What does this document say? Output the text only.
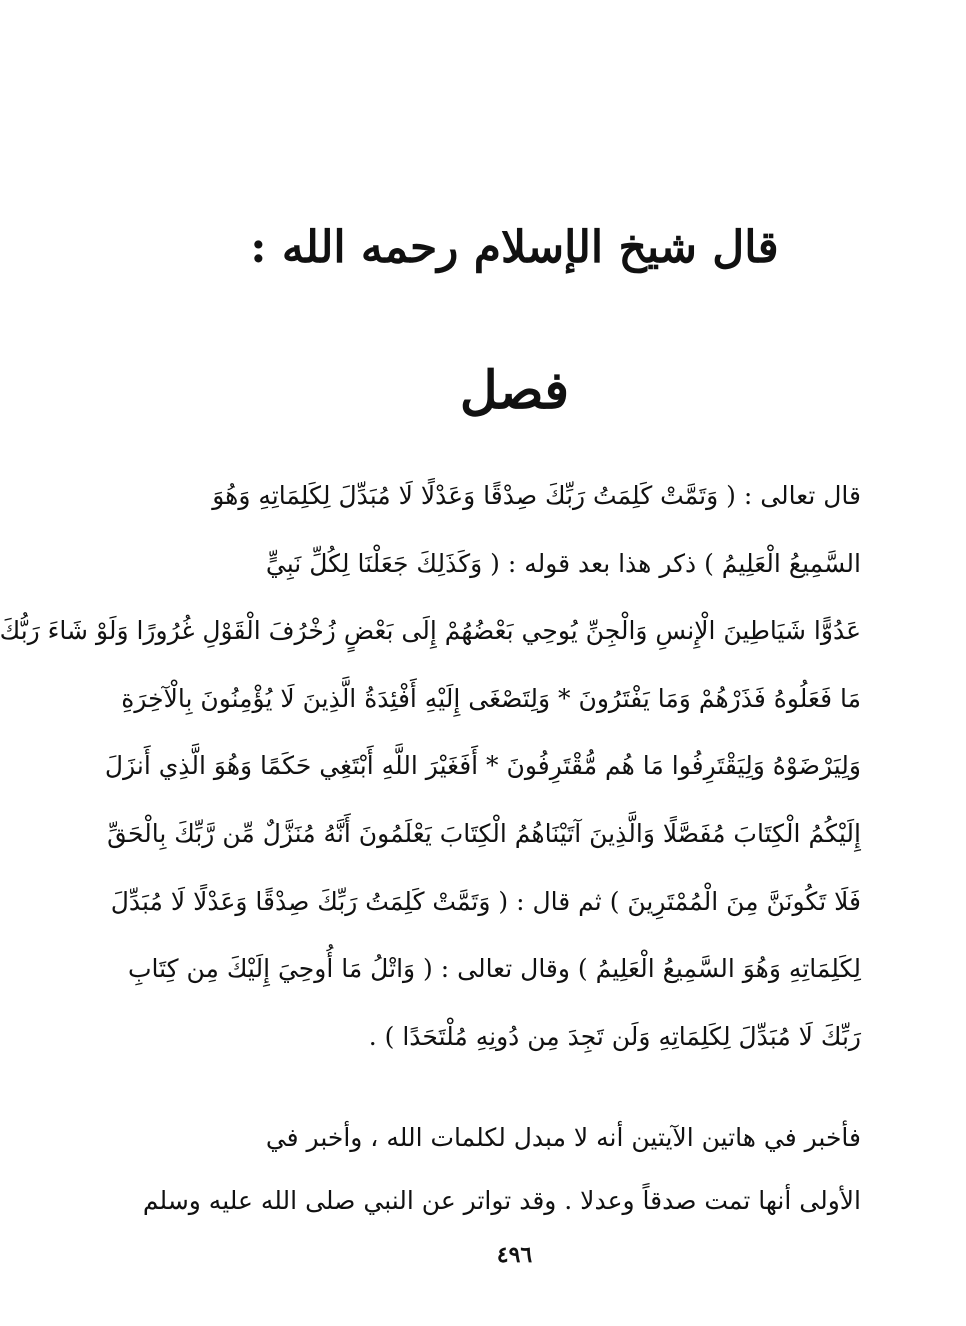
قال شيخ الإسلام رحمه الله :
فصل
قال تعالى : ( وَتَمَّتْ كَلِمَتُ رَبِّكَ صِدْقًا وَعَدْلًا لَا مُبَدِّلَ لِكَلِمَاتِهِ وَهُوَ
السَّمِيعُ الْعَلِيمُ ) ذكر هذا بعد قوله : ( وَكَذَلِكَ جَعَلْنَا لِكُلِّ نَبِيٍّ
عَدُوًّا شَيَاطِينَ الْإِنسِ وَالْجِنِّ يُوحِي بَعْضُهُمْ إِلَى بَعْضٍ زُخْرُفَ الْقَوْلِ غُرُورًا وَلَوْ شَاءَ رَبُّكَ
مَا فَعَلُوهُ فَذَرْهُمْ وَمَا يَفْتَرُونَ * وَلِتَصْغَى إِلَيْهِ أَفْئِدَةُ الَّذِينَ لَا يُؤْمِنُونَ بِالْآخِرَةِ
وَلِيَرْضَوْهُ وَلِيَقْتَرِفُوا مَا هُم مُّقْتَرِفُونَ * أَفَغَيْرَ اللَّهِ أَبْتَغِي حَكَمًا وَهُوَ الَّذِي أَنزَلَ
إِلَيْكُمُ الْكِتَابَ مُفَصَّلًا وَالَّذِينَ آتَيْنَاهُمُ الْكِتَابَ يَعْلَمُونَ أَنَّهُ مُنَزَّلٌ مِّن رَّبِّكَ بِالْحَقِّ
فَلَا تَكُونَنَّ مِنَ الْمُمْتَرِينَ ) ثم قال : ( وَتَمَّتْ كَلِمَتُ رَبِّكَ صِدْقًا وَعَدْلًا لَا مُبَدِّلَ
لِكَلِمَاتِهِ وَهُوَ السَّمِيعُ الْعَلِيمُ ) وقال تعالى : ( وَاتْلُ مَا أُوحِيَ إِلَيْكَ مِن كِتَابِ
رَبِّكَ لَا مُبَدِّلَ لِكَلِمَاتِهِ وَلَن تَجِدَ مِن دُونِهِ مُلْتَحَدًا ) .
فأخبر في هاتين الآيتين أنه لا مبدل لكلمات الله ، وأخبر في
الأولى أنها تمت صدقاً وعدلا . وقد تواتر عن النبي صلى الله عليه وسلم
٤٩٦
